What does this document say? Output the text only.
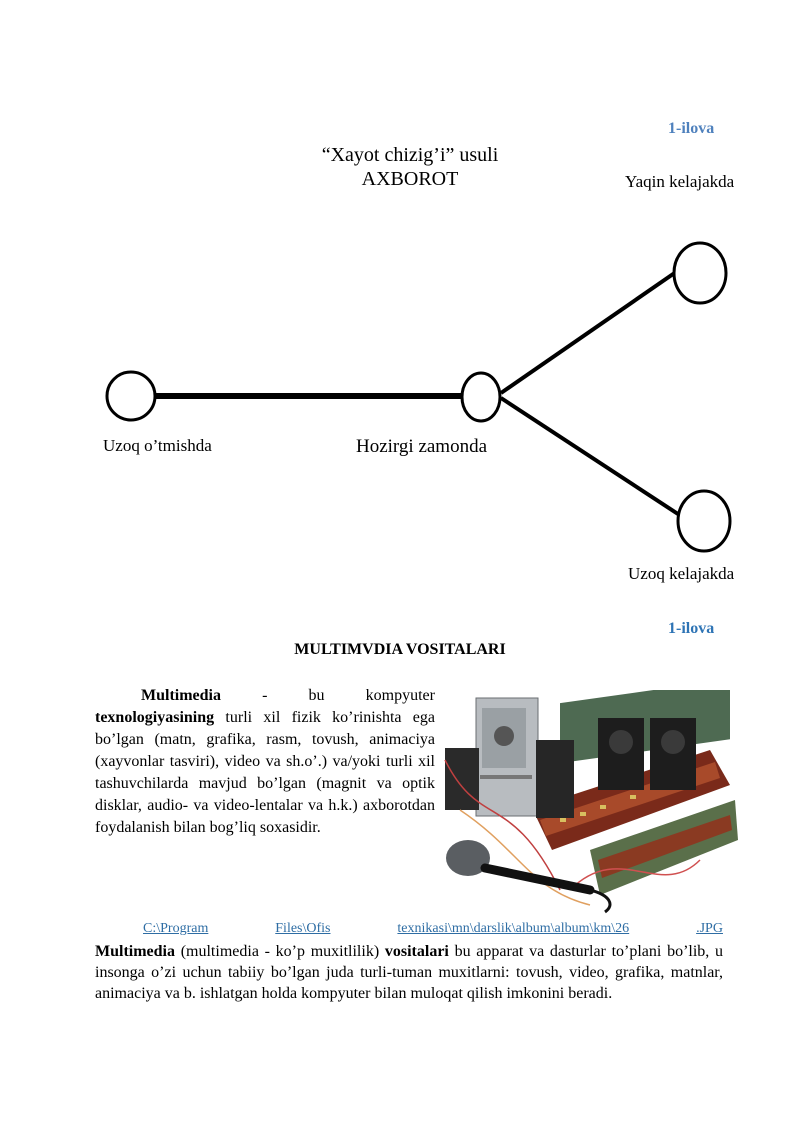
1-ilova
“Xayot chizig’i” usuli
AXBOROT	Yaqin kelajakda
Uzoq o’tmishda	Hozirgi zamonda
Uzoq kelajakda
1-ilova
MULTIMVDIA VOSITALARI
Multimedia	-	bu	kompyuter
texnologiyasining turli xil fizik ko’rinishta ega bo’lgan (matn, grafika, rasm, tovush, animaciya (xayvonlar tasviri), video va sh.o’.) va/yoki turli xil tashuvchilarda mavjud bo’lgan (magnit va optik disklar, audio- va video-lentalar va h.k.) axborotdan foydalanish bilan bog’liq soxasidir.
C:\Program	Files\Ofis	texnikasi\mn\darslik\album\album\km\26	.JPG
Multimedia (multimedia - ko’p muxitlilik) vositalari bu apparat va dasturlar to’plani bo’lib, u insonga o’zi uchun tabiiy bo’lgan juda turli-tuman muxitlarni: tovush, video, grafika, matnlar, animaciya va b. ishlatgan holda kompyuter bilan muloqat qilish imkonini beradi.
